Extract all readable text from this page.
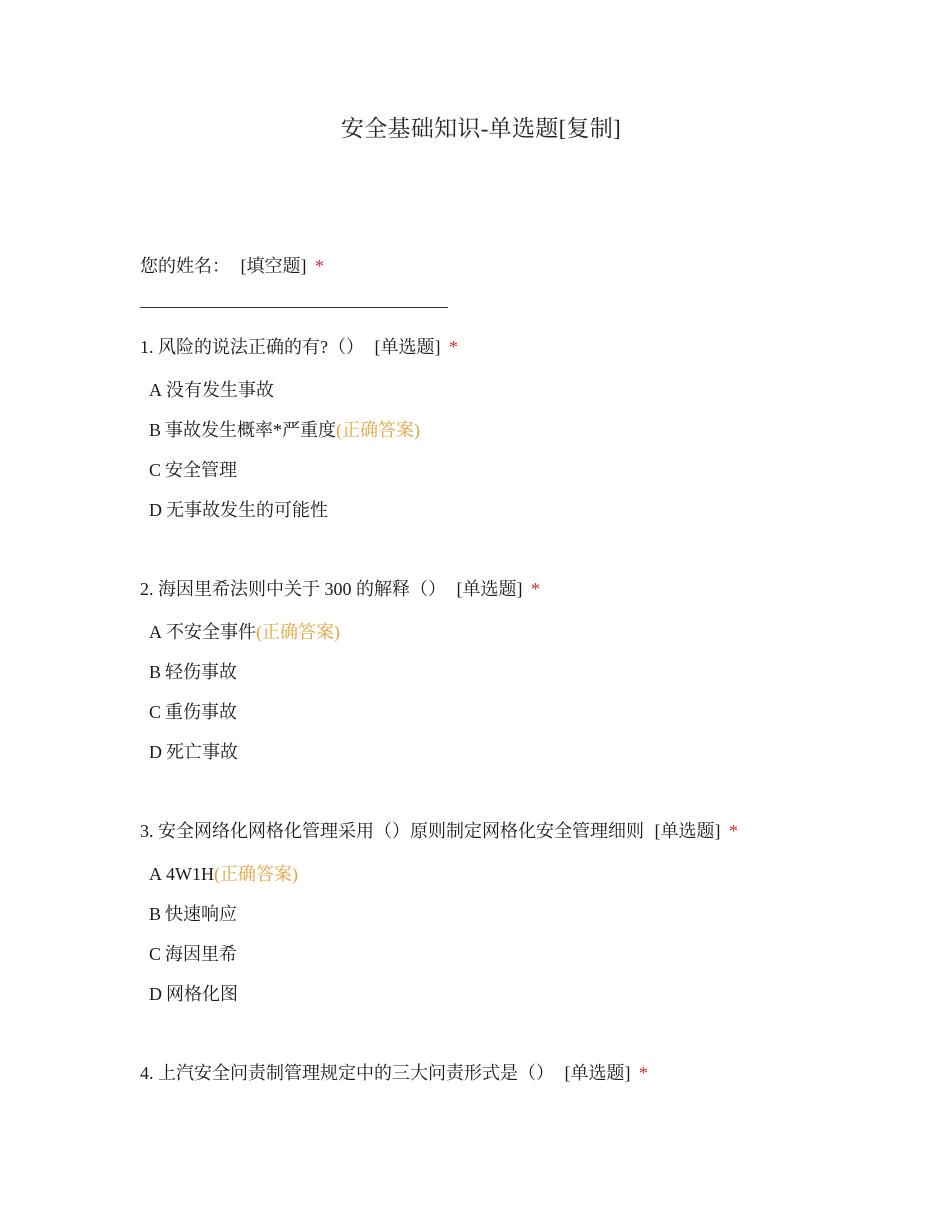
安全基础知识-单选题[复制]
您的姓名： [填空题] *
1. 风险的说法正确的有?（） [单选题] *
A 没有发生事故
B 事故发生概率*严重度(正确答案)
C 安全管理
D 无事故发生的可能性
2. 海因里希法则中关于 300 的解释（） [单选题] *
A 不安全事件(正确答案)
B 轻伤事故
C 重伤事故
D 死亡事故
3. 安全网络化网格化管理采用（）原则制定网格化安全管理细则 [单选题] *
A 4W1H(正确答案)
B 快速响应
C 海因里希
D 网格化图
4. 上汽安全问责制管理规定中的三大问责形式是（） [单选题] *
